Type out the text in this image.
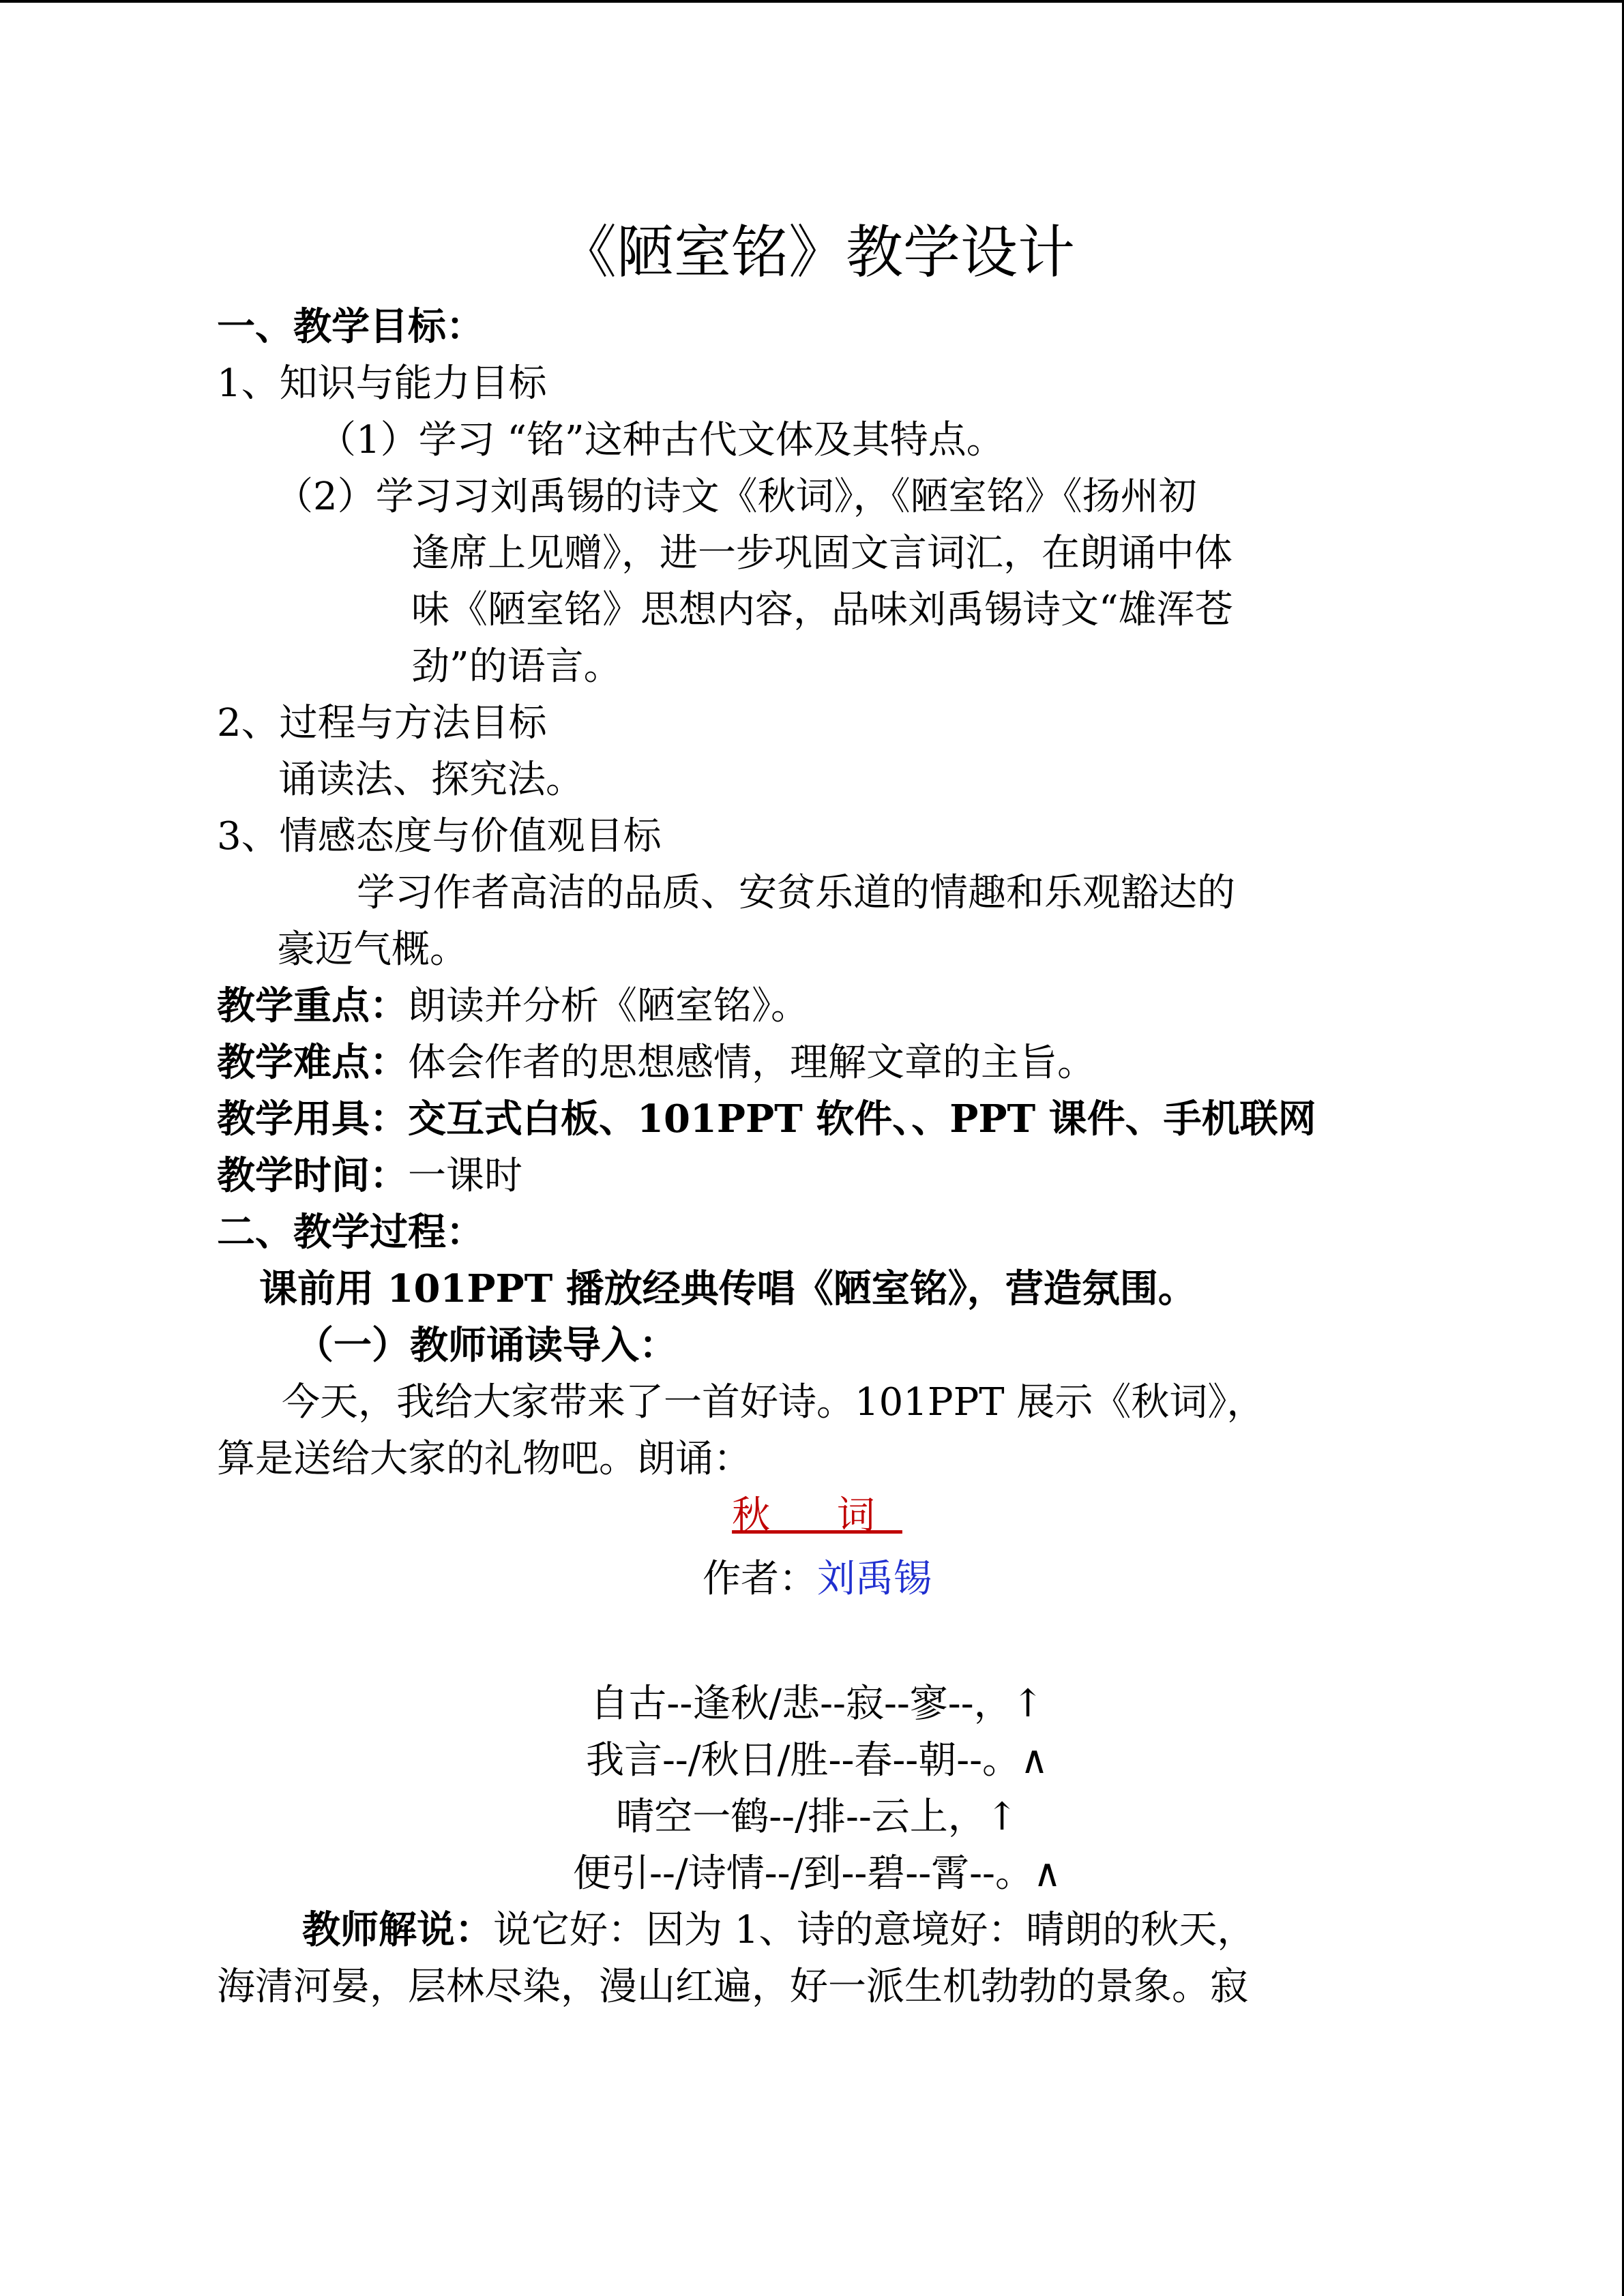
《陋室铭》教学设计
一、教学目标：
1、知识与能力目标
（1）学习 “铭”这种古代文体及其特点。
（2）学习习刘禹锡的诗文《秋词》，《陋室铭》《扬州初
逢席上见赠》，进一步巩固文言词汇，在朗诵中体
味《陋室铭》思想内容，品味刘禹锡诗文“雄浑苍
劲”的语言。
2、过程与方法目标
诵读法、探究法。
3、情感态度与价值观目标
学习作者高洁的品质、安贫乐道的情趣和乐观豁达的
豪迈气概。
教学重点：朗读并分析《陋室铭》。
教学难点：体会作者的思想感情，理解文章的主旨。
教学用具：交互式白板、101PPT 软件、、PPT 课件、手机联网
教学时间：一课时
二、教学过程：
课前用 101PPT 播放经典传唱《陋室铭》，营造氛围。
（一）教师诵读导入：
今天，我给大家带来了一首好诗。101PPT 展示《秋词》，
算是送给大家的礼物吧。朗诵：
秋 词
作者：刘禹锡
自古--逢秋/悲--寂--寥--，↑
我言--/秋日/胜--春--朝--。∧
晴空一鹤--/排--云上，↑
便引--/诗情--/到--碧--霄--。∧
教师解说：说它好：因为 1、诗的意境好：晴朗的秋天，
海清河晏，层林尽染，漫山红遍，好一派生机勃勃的景象。寂
